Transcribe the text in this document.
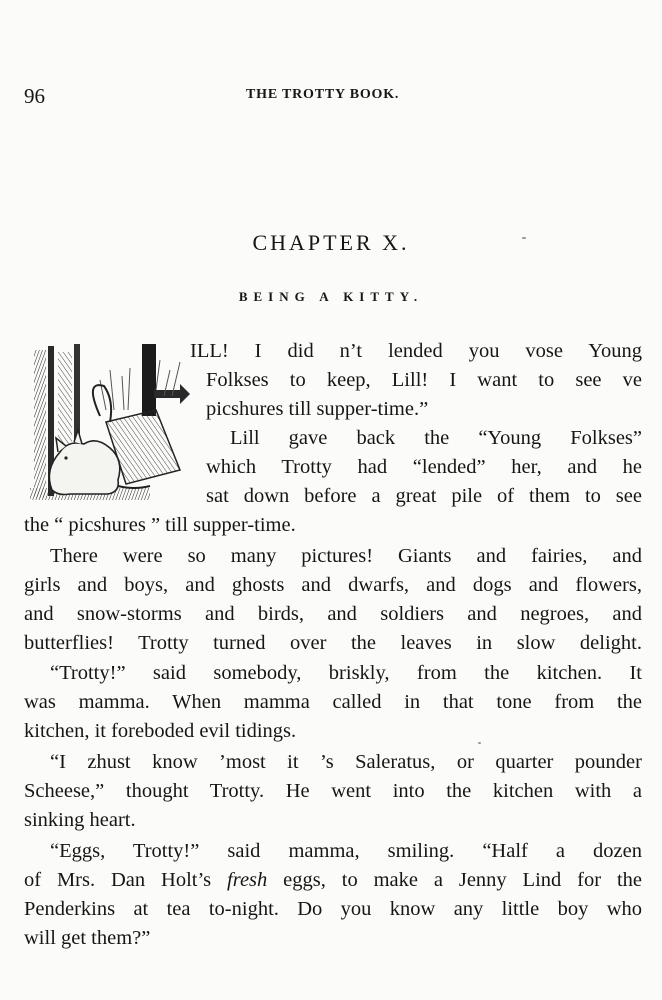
96	THE TROTTY BOOK.
CHAPTER X.
BEING A KITTY.
ILL! I did n’t lended you vose Young
Folkses to keep, Lill! I want to see ve
picshures till supper-time.”
Lill gave back the “Young Folkses”
which Trotty had “lended” her, and he
sat down before a great pile of them to see
the “ picshures ” till supper-time.
There were so many pictures! Giants and fairies, and
girls and boys, and ghosts and dwarfs, and dogs and flowers,
and snow-storms and birds, and soldiers and negroes, and
butterflies! Trotty turned over the leaves in slow delight.
“Trotty!” said somebody, briskly, from the kitchen. It
was mamma. When mamma called in that tone from the
kitchen, it foreboded evil tidings.
“I zhust know ’most it ’s Saleratus, or quarter pounder
Scheese,” thought Trotty. He went into the kitchen with a
sinking heart.
“Eggs, Trotty!” said mamma, smiling. “Half a dozen
of Mrs. Dan Holt’s fresh eggs, to make a Jenny Lind for the
Penderkins at tea to-night. Do you know any little boy who
will get them?”
